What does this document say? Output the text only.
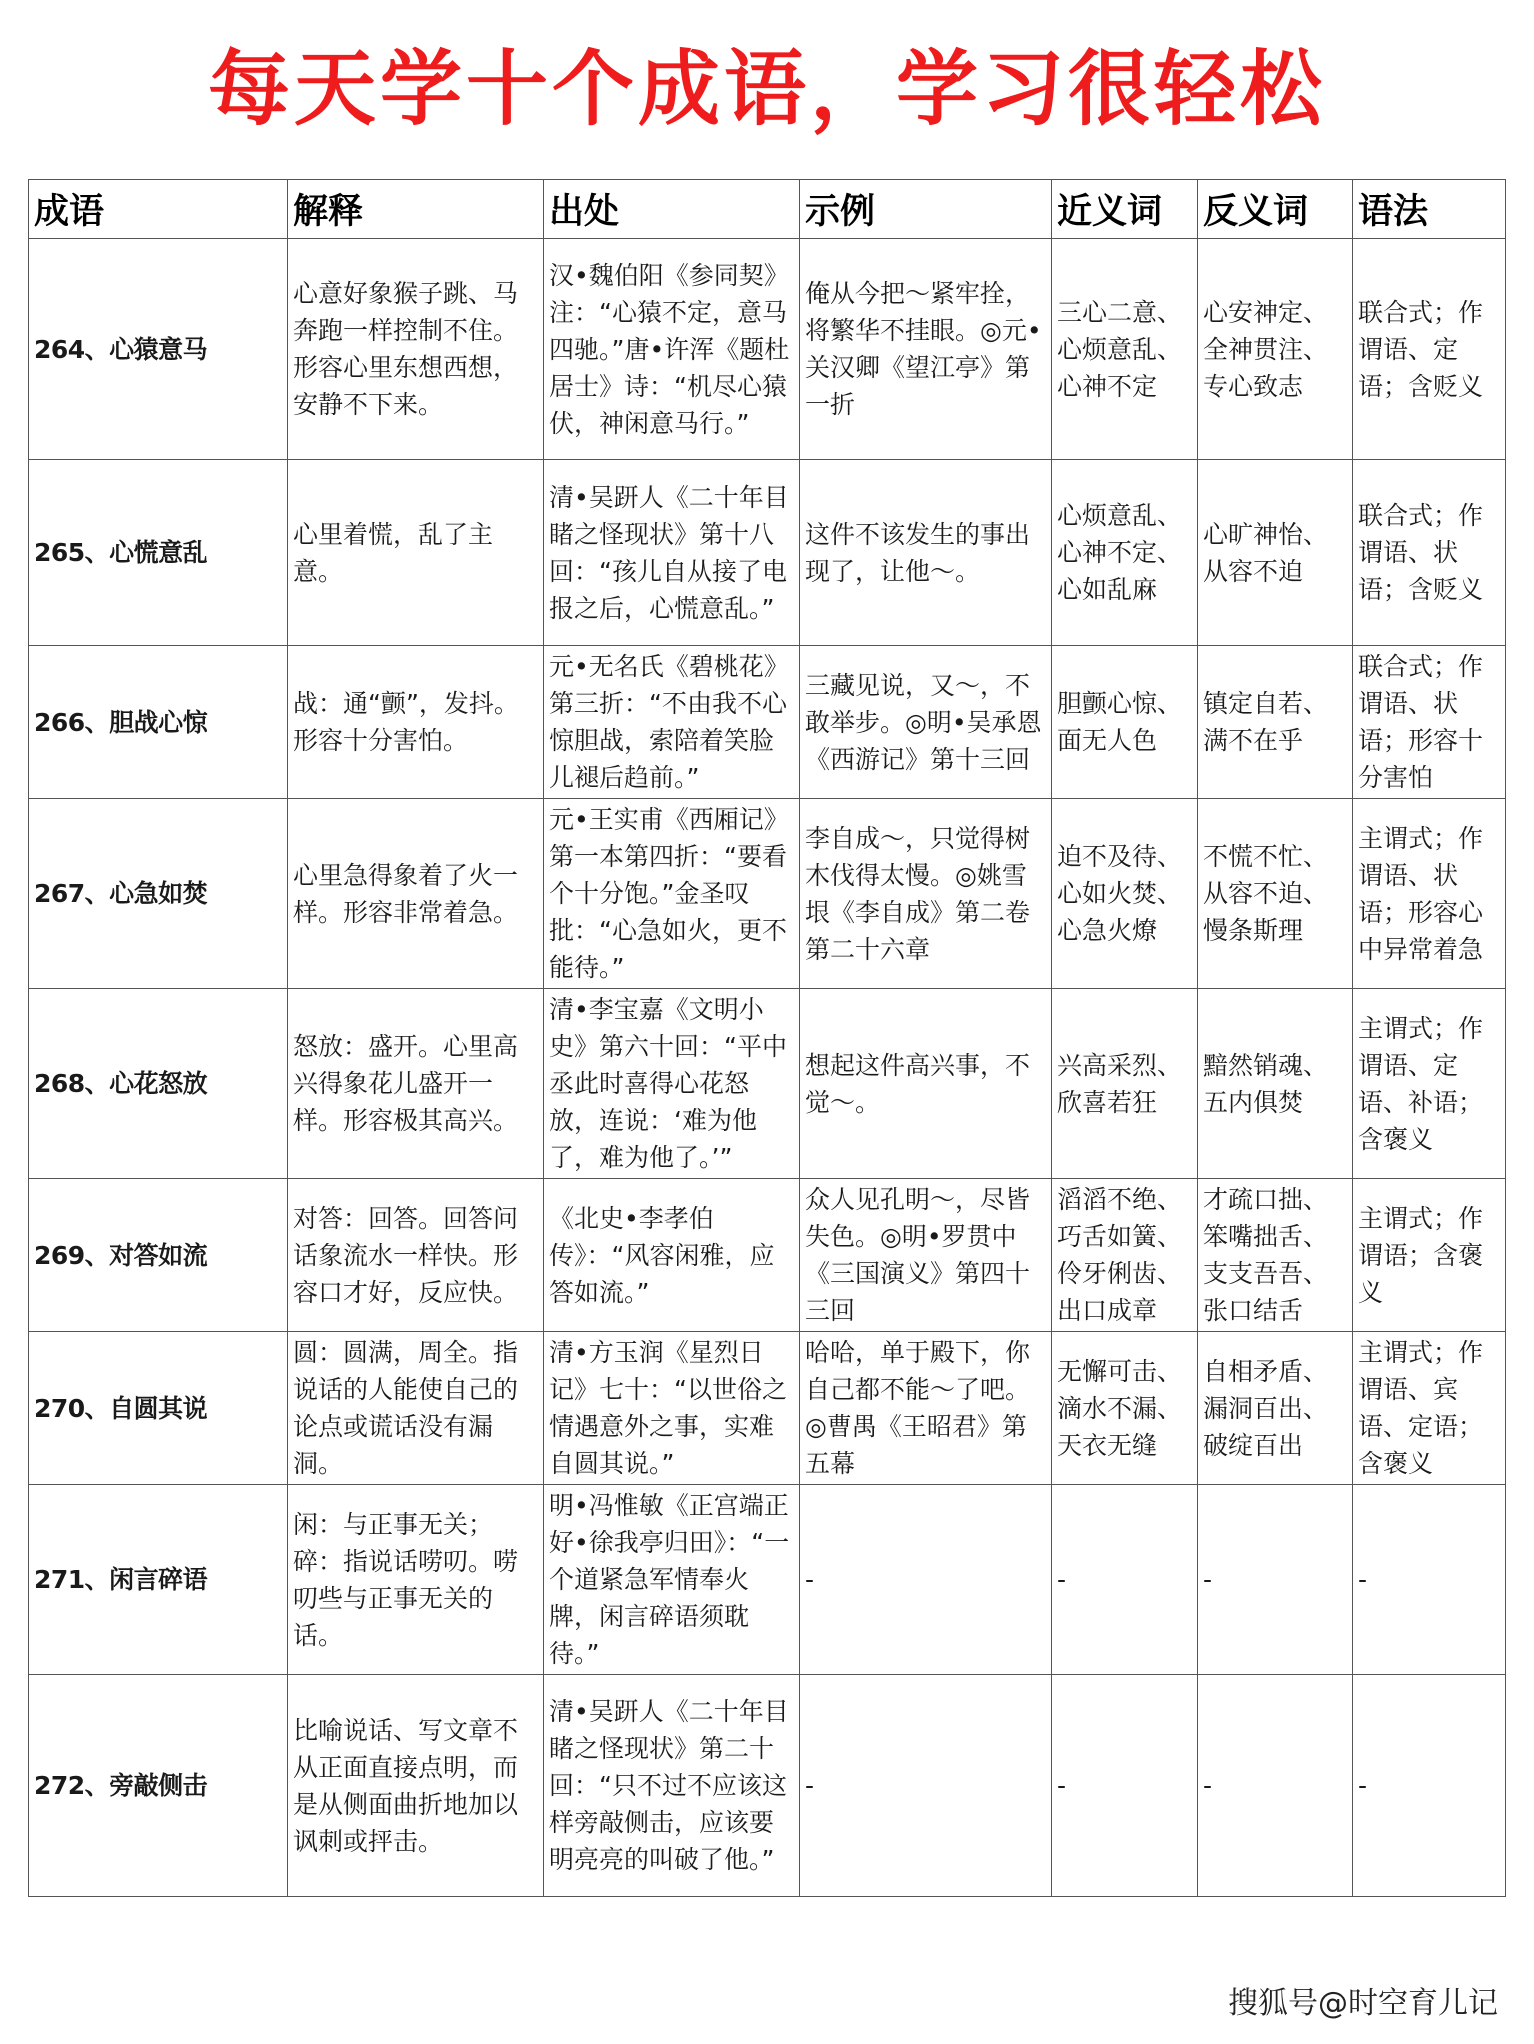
每天学十个成语，学习很轻松
成语	解释	出处	示例	近义词	反义词	语法
264、心猿意马	心意好象猴子跳、马奔跑一样控制不住。形容心里东想西想，安静不下来。	汉•魏伯阳《参同契》注：“心猿不定，意马四驰。”唐•许浑《题杜居士》诗：“机尽心猿伏，神闲意马行。”	俺从今把～紧牢拴，将繁华不挂眼。◎元•关汉卿《望江亭》第一折	三心二意、心烦意乱、心神不定	心安神定、全神贯注、专心致志	联合式；作谓语、定语；含贬义
265、心慌意乱	心里着慌，乱了主意。	清•吴趼人《二十年目睹之怪现状》第十八回：“孩儿自从接了电报之后，心慌意乱。”	这件不该发生的事出现了，让他～。	心烦意乱、心神不定、心如乱麻	心旷神怡、从容不迫	联合式；作谓语、状语；含贬义
266、胆战心惊	战：通“颤”，发抖。形容十分害怕。	元•无名氏《碧桃花》第三折：“不由我不心惊胆战，索陪着笑脸儿褪后趋前。”	三藏见说，又～，不敢举步。◎明•吴承恩《西游记》第十三回	胆颤心惊、面无人色	镇定自若、满不在乎	联合式；作谓语、状语；形容十分害怕
267、心急如焚	心里急得象着了火一样。形容非常着急。	元•王实甫《西厢记》第一本第四折：“要看个十分饱。”金圣叹批：“心急如火，更不能待。”	李自成～，只觉得树木伐得太慢。◎姚雪垠《李自成》第二卷第二十六章	迫不及待、心如火焚、心急火燎	不慌不忙、从容不迫、慢条斯理	主谓式；作谓语、状语；形容心中异常着急
268、心花怒放	怒放：盛开。心里高兴得象花儿盛开一样。形容极其高兴。	清•李宝嘉《文明小史》第六十回：“平中丞此时喜得心花怒放，连说：‘难为他了，难为他了。’”	想起这件高兴事，不觉～。	兴高采烈、欣喜若狂	黯然销魂、五内俱焚	主谓式；作谓语、定语、补语；含褒义
269、对答如流	对答：回答。回答问话象流水一样快。形容口才好，反应快。	《北史•李孝伯传》：“风容闲雅，应答如流。”	众人见孔明～，尽皆失色。◎明•罗贯中《三国演义》第四十三回	滔滔不绝、巧舌如簧、伶牙俐齿、出口成章	才疏口拙、笨嘴拙舌、支支吾吾、张口结舌	主谓式；作谓语；含褒义
270、自圆其说	圆：圆满，周全。指说话的人能使自己的论点或谎话没有漏洞。	清•方玉润《星烈日记》七十：“以世俗之情遇意外之事，实难自圆其说。”	哈哈，单于殿下，你自己都不能～了吧。◎曹禺《王昭君》第五幕	无懈可击、滴水不漏、天衣无缝	自相矛盾、漏洞百出、破绽百出	主谓式；作谓语、宾语、定语；含褒义
271、闲言碎语	闲：与正事无关；碎：指说话唠叨。唠叨些与正事无关的话。	明•冯惟敏《正宫端正好•徐我亭归田》：“一个道紧急军情奉火牌，闲言碎语须耽待。”	-	-	-	-
272、旁敲侧击	比喻说话、写文章不从正面直接点明，而是从侧面曲折地加以讽刺或抨击。	清•吴趼人《二十年目睹之怪现状》第二十回：“只不过不应该这样旁敲侧击，应该要明亮亮的叫破了他。”	-	-	-	-
搜狐号@时空育儿记
